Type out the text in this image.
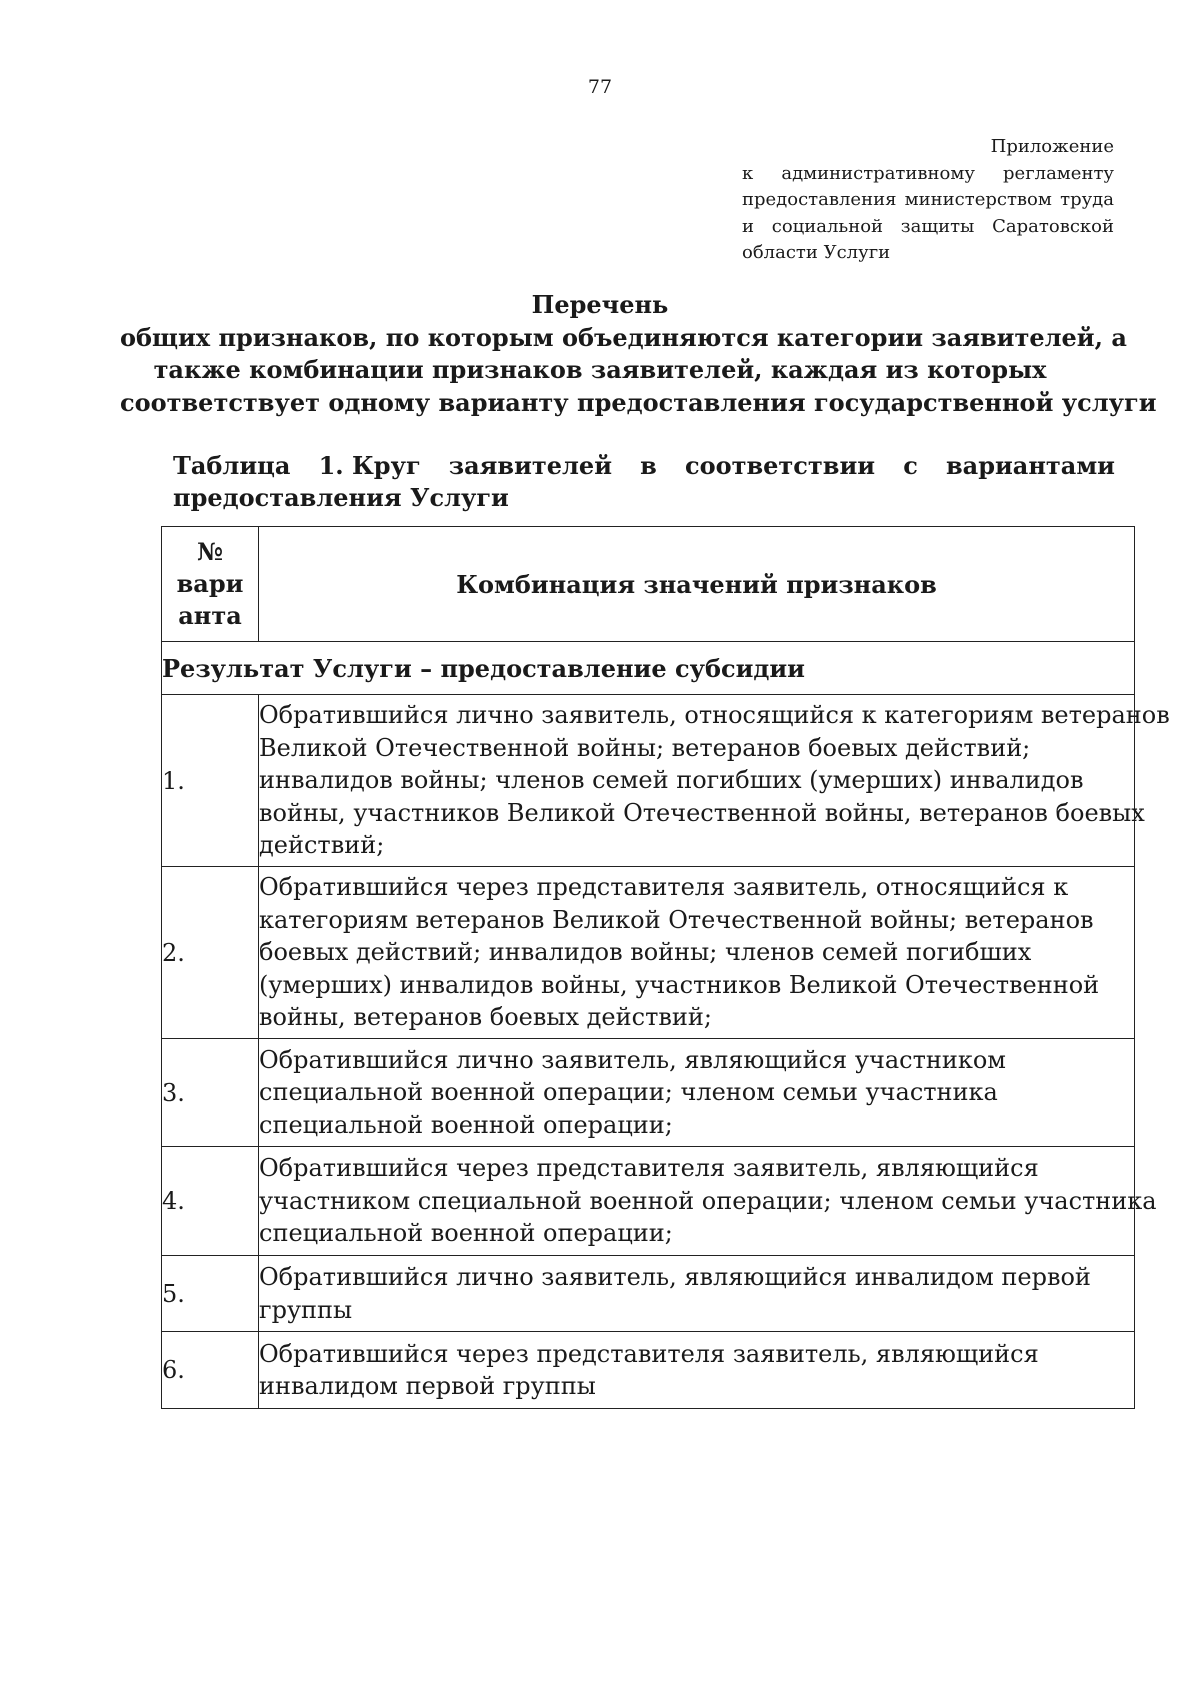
77
Приложение
к административному регламенту
предоставления министерством труда
и социальной защиты Саратовской
области Услуги
Перечень
общих признаков, по которым объединяются категории заявителей, а
также комбинации признаков заявителей, каждая из которых
соответствует одному варианту предоставления государственной услуги
Таблица 1. Круг заявителей в соответствии с вариантами
предоставления Услуги
№
вари
анта	Комбинация значений признаков
Результат Услуги – предоставление субсидии	
1.	Обратившийся лично заявитель, относящийся к категориям ветеранов
Великой Отечественной войны; ветеранов боевых действий;
инвалидов войны; членов семей погибших (умерших) инвалидов
войны, участников Великой Отечественной войны, ветеранов боевых
действий;

2.	Обратившийся через представителя заявитель, относящийся к
категориям ветеранов Великой Отечественной войны; ветеранов
боевых действий; инвалидов войны; членов семей погибших
(умерших) инвалидов войны, участников Великой Отечественной
войны, ветеранов боевых действий;

3.	Обратившийся лично заявитель, являющийся участником
специальной военной операции; членом семьи участника
специальной военной операции;

4.	Обратившийся через представителя заявитель, являющийся
участником специальной военной операции; членом семьи участника
специальной военной операции;

5.	Обратившийся лично заявитель, являющийся инвалидом первой
группы

6.	Обратившийся через представителя заявитель, являющийся
инвалидом первой группы
